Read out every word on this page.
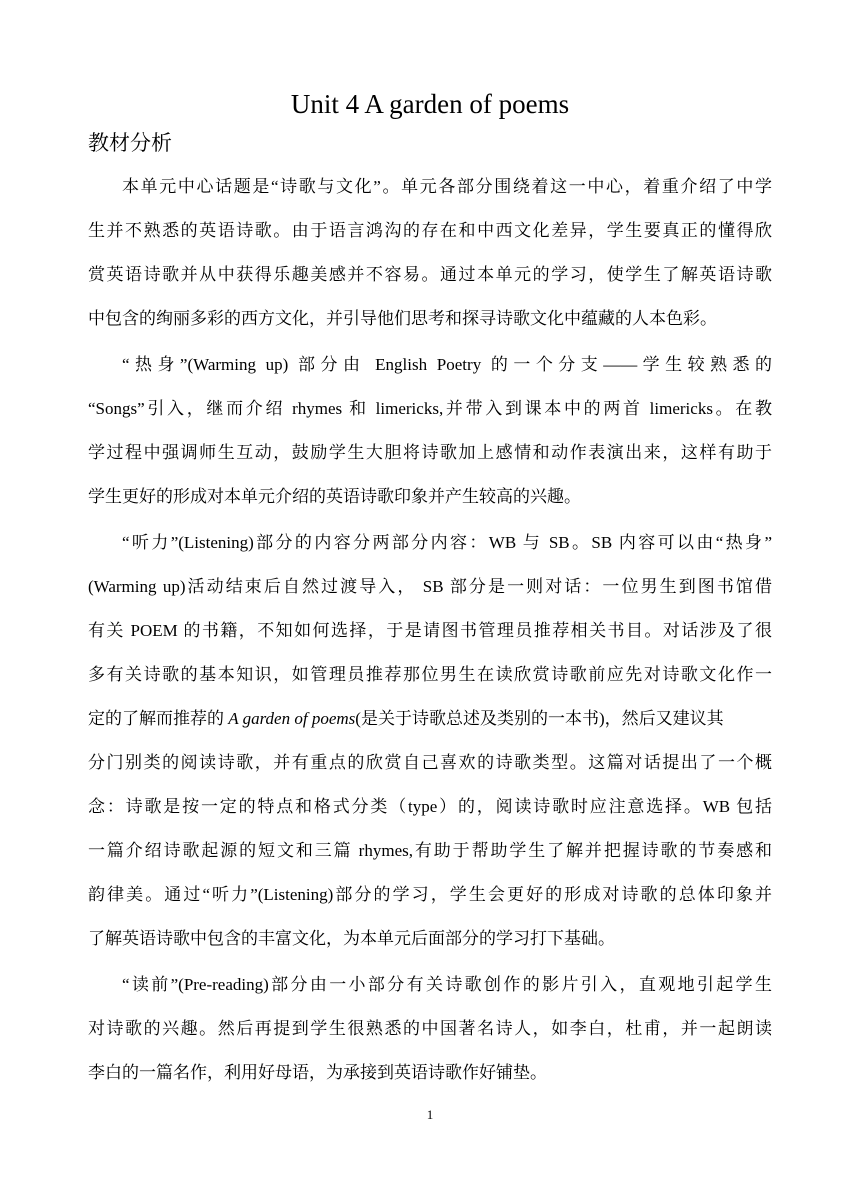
Unit 4 A garden of poems
教材分析
本单元中心话题是“诗歌与文化”。单元各部分围绕着这一中心，着重介绍了中学
生并不熟悉的英语诗歌。由于语言鸿沟的存在和中西文化差异，学生要真正的懂得欣
赏英语诗歌并从中获得乐趣美感并不容易。通过本单元的学习，使学生了解英语诗歌
中包含的绚丽多彩的西方文化，并引导他们思考和探寻诗歌文化中蕴藏的人本色彩。
“热身”(Warming up) 部分由 English Poetry 的一个分支——学生较熟悉的
“Songs”引入，继而介绍 rhymes 和 limericks,并带入到课本中的两首 limericks。在教
学过程中强调师生互动，鼓励学生大胆将诗歌加上感情和动作表演出来，这样有助于
学生更好的形成对本单元介绍的英语诗歌印象并产生较高的兴趣。
“听力”(Listening)部分的内容分两部分内容：WB 与 SB。SB 内容可以由“热身”
(Warming up)活动结束后自然过渡导入， SB 部分是一则对话：一位男生到图书馆借
有关 POEM 的书籍，不知如何选择，于是请图书管理员推荐相关书目。对话涉及了很
多有关诗歌的基本知识，如管理员推荐那位男生在读欣赏诗歌前应先对诗歌文化作一
定的了解而推荐的 A garden of poems(是关于诗歌总述及类别的一本书)，然后又建议其
分门别类的阅读诗歌，并有重点的欣赏自己喜欢的诗歌类型。这篇对话提出了一个概
念：诗歌是按一定的特点和格式分类（type）的，阅读诗歌时应注意选择。WB 包括
一篇介绍诗歌起源的短文和三篇 rhymes,有助于帮助学生了解并把握诗歌的节奏感和
韵律美。通过“听力”(Listening)部分的学习，学生会更好的形成对诗歌的总体印象并
了解英语诗歌中包含的丰富文化，为本单元后面部分的学习打下基础。
“读前”(Pre-reading)部分由一小部分有关诗歌创作的影片引入，直观地引起学生
对诗歌的兴趣。然后再提到学生很熟悉的中国著名诗人，如李白，杜甫，并一起朗读
李白的一篇名作，利用好母语，为承接到英语诗歌作好铺垫。
1
